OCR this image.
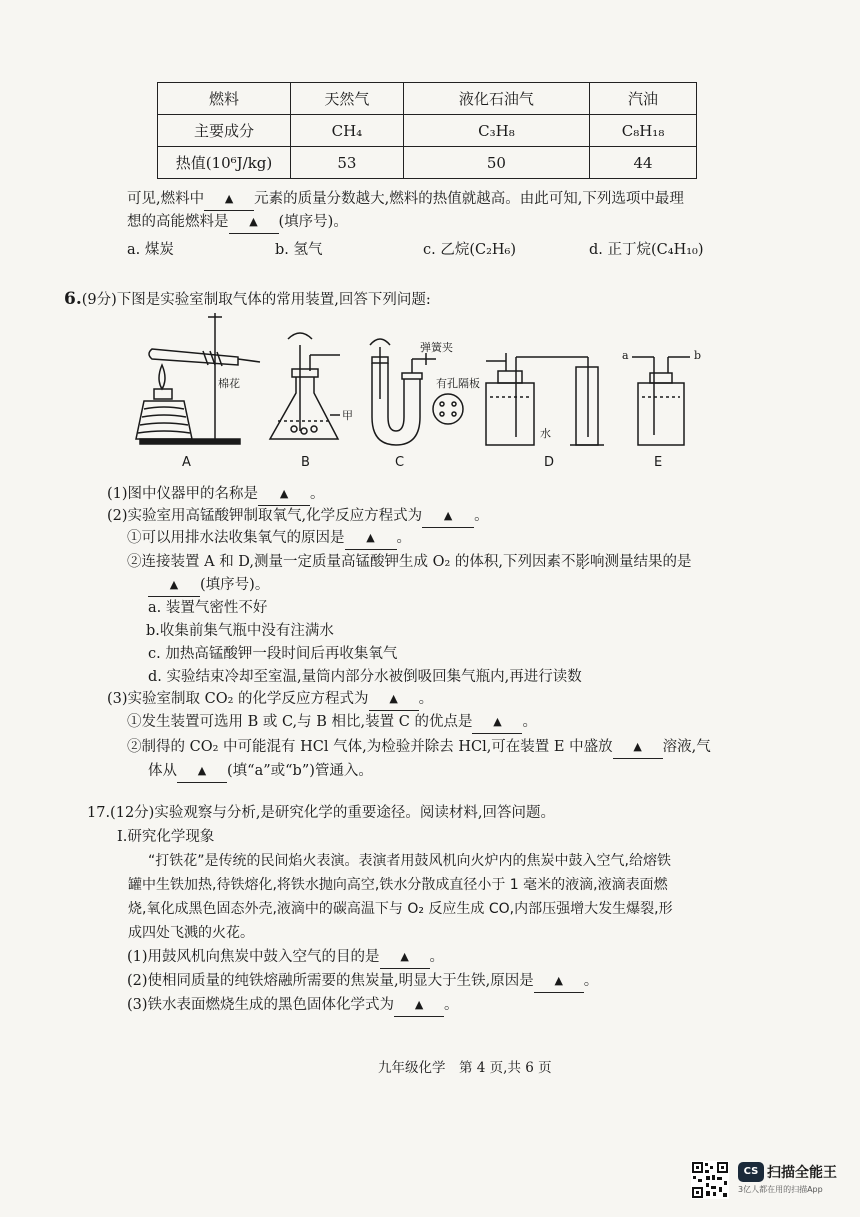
燃料	天然气	液化石油气	汽油
主要成分	CH₄	C₃H₈	C₈H₁₈
热值(10⁶J/kg)	53	50	44
可见,燃料中 ▲ 元素的质量分数越大,燃料的热值就越高。由此可知,下列选项中最理
想的高能燃料是 ▲ (填序号)。
a. 煤炭	b. 氢气	c. 乙烷(C₂H₆)	d. 正丁烷(C₄H₁₀)
6.(9分)下图是实验室制取气体的常用装置,回答下列问题:
棉花
甲
弹簧夹
有孔隔板
水
a	b
A	B	C	D	E
(1)图中仪器甲的名称是 ▲ 。
(2)实验室用高锰酸钾制取氧气,化学反应方程式为 ▲ 。
①可以用排水法收集氧气的原因是 ▲ 。
②连接装置 A 和 D,测量一定质量高锰酸钾生成 O₂ 的体积,下列因素不影响测量结果的是
▲ (填序号)。
a. 装置气密性不好
b.收集前集气瓶中没有注满水
c. 加热高锰酸钾一段时间后再收集氧气
d. 实验结束冷却至室温,量筒内部分水被倒吸回集气瓶内,再进行读数
(3)实验室制取 CO₂ 的化学反应方程式为 ▲ 。
①发生装置可选用 B 或 C,与 B 相比,装置 C 的优点是 ▲ 。
②制得的 CO₂ 中可能混有 HCl 气体,为检验并除去 HCl,可在装置 E 中盛放 ▲ 溶液,气
体从 ▲ (填“a”或“b”)管通入。
17.(12分)实验观察与分析,是研究化学的重要途径。阅读材料,回答问题。
Ⅰ.研究化学现象
“打铁花”是传统的民间焰火表演。表演者用鼓风机向火炉内的焦炭中鼓入空气,给熔铁
罐中生铁加热,待铁熔化,将铁水抛向高空,铁水分散成直径小于 1 毫米的液滴,液滴表面燃
烧,氧化成黑色固态外壳,液滴中的碳高温下与 O₂ 反应生成 CO,内部压强增大发生爆裂,形
成四处飞溅的火花。
(1)用鼓风机向焦炭中鼓入空气的目的是 ▲ 。
(2)使相同质量的纯铁熔融所需要的焦炭量,明显大于生铁,原因是 ▲ 。
(3)铁水表面燃烧生成的黑色固体化学式为 ▲ 。
九年级化学　第 4 页,共 6 页
CS 扫描全能王
3亿人都在用的扫描App
